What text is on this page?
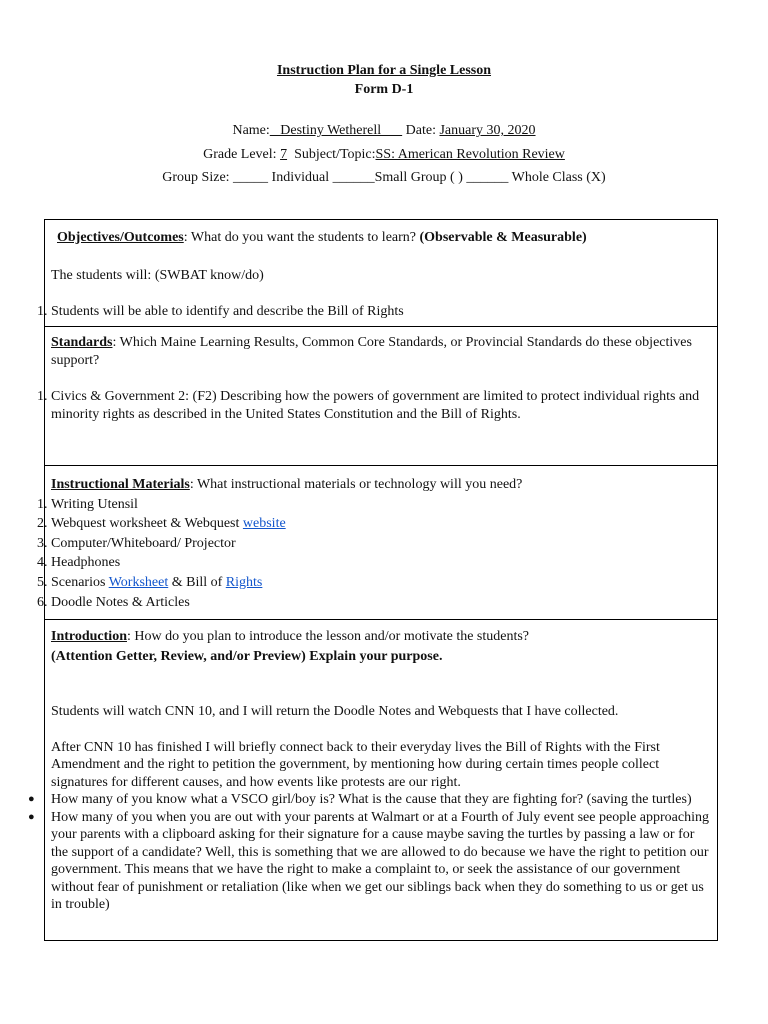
Instruction Plan for a Single Lesson
Form D-1
Name:   Destiny Wetherell       Date: January 30, 2020
Grade Level: 7 Subject/Topic:SS: American Revolution Review
Group Size: _____ Individual ______Small Group ( ) ______ Whole Class (X)
Objectives/Outcomes: What do you want the students to learn? (Observable & Measurable)
The students will: (SWBAT know/do)
1. Students will be able to identify and describe the Bill of Rights
Standards: Which Maine Learning Results, Common Core Standards, or Provincial Standards do these objectives support?
1. Civics & Government 2: (F2) Describing how the powers of government are limited to protect individual rights and minority rights as described in the United States Constitution and the Bill of Rights.
Instructional Materials: What instructional materials or technology will you need?
1. Writing Utensil
2. Webquest worksheet & Webquest website
3. Computer/Whiteboard/ Projector
4. Headphones
5. Scenarios Worksheet & Bill of Rights
6. Doodle Notes & Articles
Introduction: How do you plan to introduce the lesson and/or motivate the students?
(Attention Getter, Review, and/or Preview) Explain your purpose.
Students will watch CNN 10, and I will return the Doodle Notes and Webquests that I have collected.
After CNN 10 has finished I will briefly connect back to their everyday lives the Bill of Rights with the First Amendment and the right to petition the government, by mentioning how during certain times people collect signatures for different causes, and how events like protests are our right.
● How many of you know what a VSCO girl/boy is? What is the cause that they are fighting for? (saving the turtles)
● How many of you when you are out with your parents at Walmart or at a Fourth of July event see people approaching your parents with a clipboard asking for their signature for a cause maybe saving the turtles by passing a law or for the support of a candidate? Well, this is something that we are allowed to do because we have the right to petition our government. This means that we have the right to make a complaint to, or seek the assistance of our government without fear of punishment or retaliation (like when we get our siblings back when they do something to us or get us in trouble)
